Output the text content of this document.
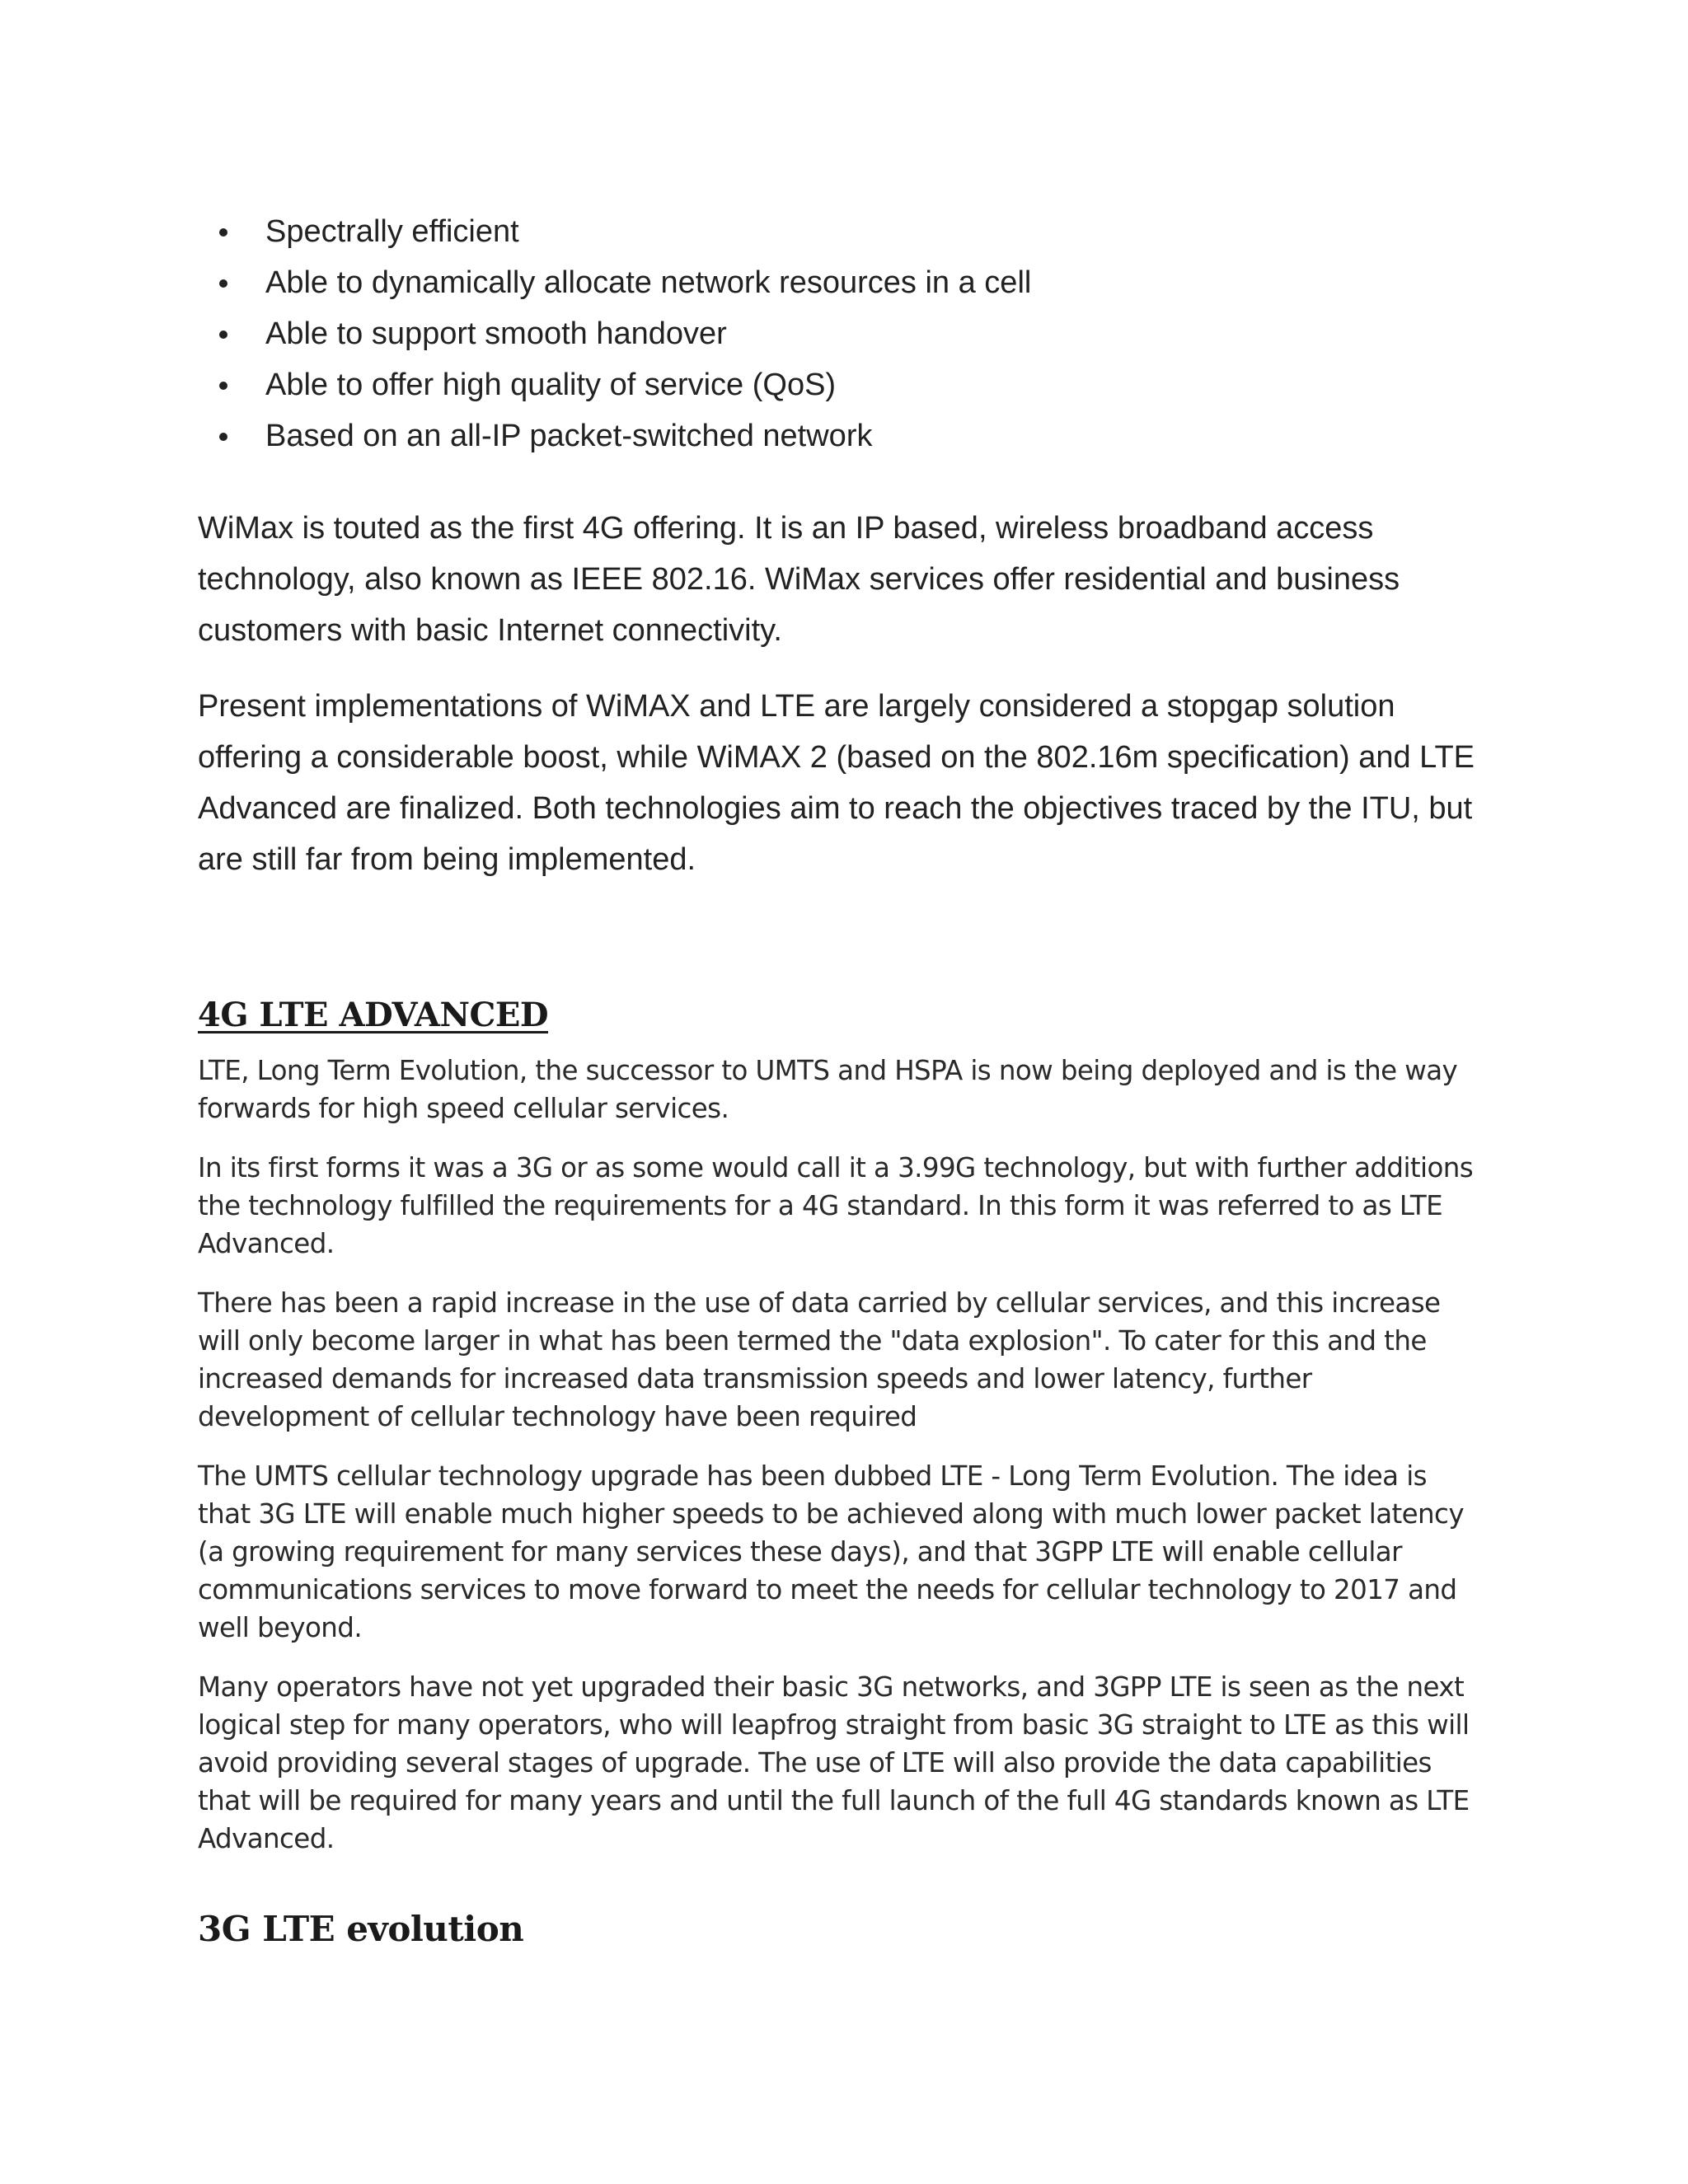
Spectrally efficient
Able to dynamically allocate network resources in a cell
Able to support smooth handover
Able to offer high quality of service (QoS)
Based on an all-IP packet-switched network

WiMax is touted as the first 4G offering. It is an IP based, wireless broadband access technology, also known as IEEE 802.16. WiMax services offer residential and business customers with basic Internet connectivity.

Present implementations of WiMAX and LTE are largely considered a stopgap solution offering a considerable boost, while WiMAX 2 (based on the 802.16m specification) and LTE Advanced are finalized. Both technologies aim to reach the objectives traced by the ITU, but are still far from being implemented.

4G LTE ADVANCED

LTE, Long Term Evolution, the successor to UMTS and HSPA is now being deployed and is the way forwards for high speed cellular services.

In its first forms it was a 3G or as some would call it a 3.99G technology, but with further additions the technology fulfilled the requirements for a 4G standard. In this form it was referred to as LTE Advanced.

There has been a rapid increase in the use of data carried by cellular services, and this increase will only become larger in what has been termed the "data explosion". To cater for this and the increased demands for increased data transmission speeds and lower latency, further development of cellular technology have been required

The UMTS cellular technology upgrade has been dubbed LTE - Long Term Evolution. The idea is that 3G LTE will enable much higher speeds to be achieved along with much lower packet latency (a growing requirement for many services these days), and that 3GPP LTE will enable cellular communications services to move forward to meet the needs for cellular technology to 2017 and well beyond.

Many operators have not yet upgraded their basic 3G networks, and 3GPP LTE is seen as the next logical step for many operators, who will leapfrog straight from basic 3G straight to LTE as this will avoid providing several stages of upgrade. The use of LTE will also provide the data capabilities that will be required for many years and until the full launch of the full 4G standards known as LTE Advanced.

3G LTE evolution
